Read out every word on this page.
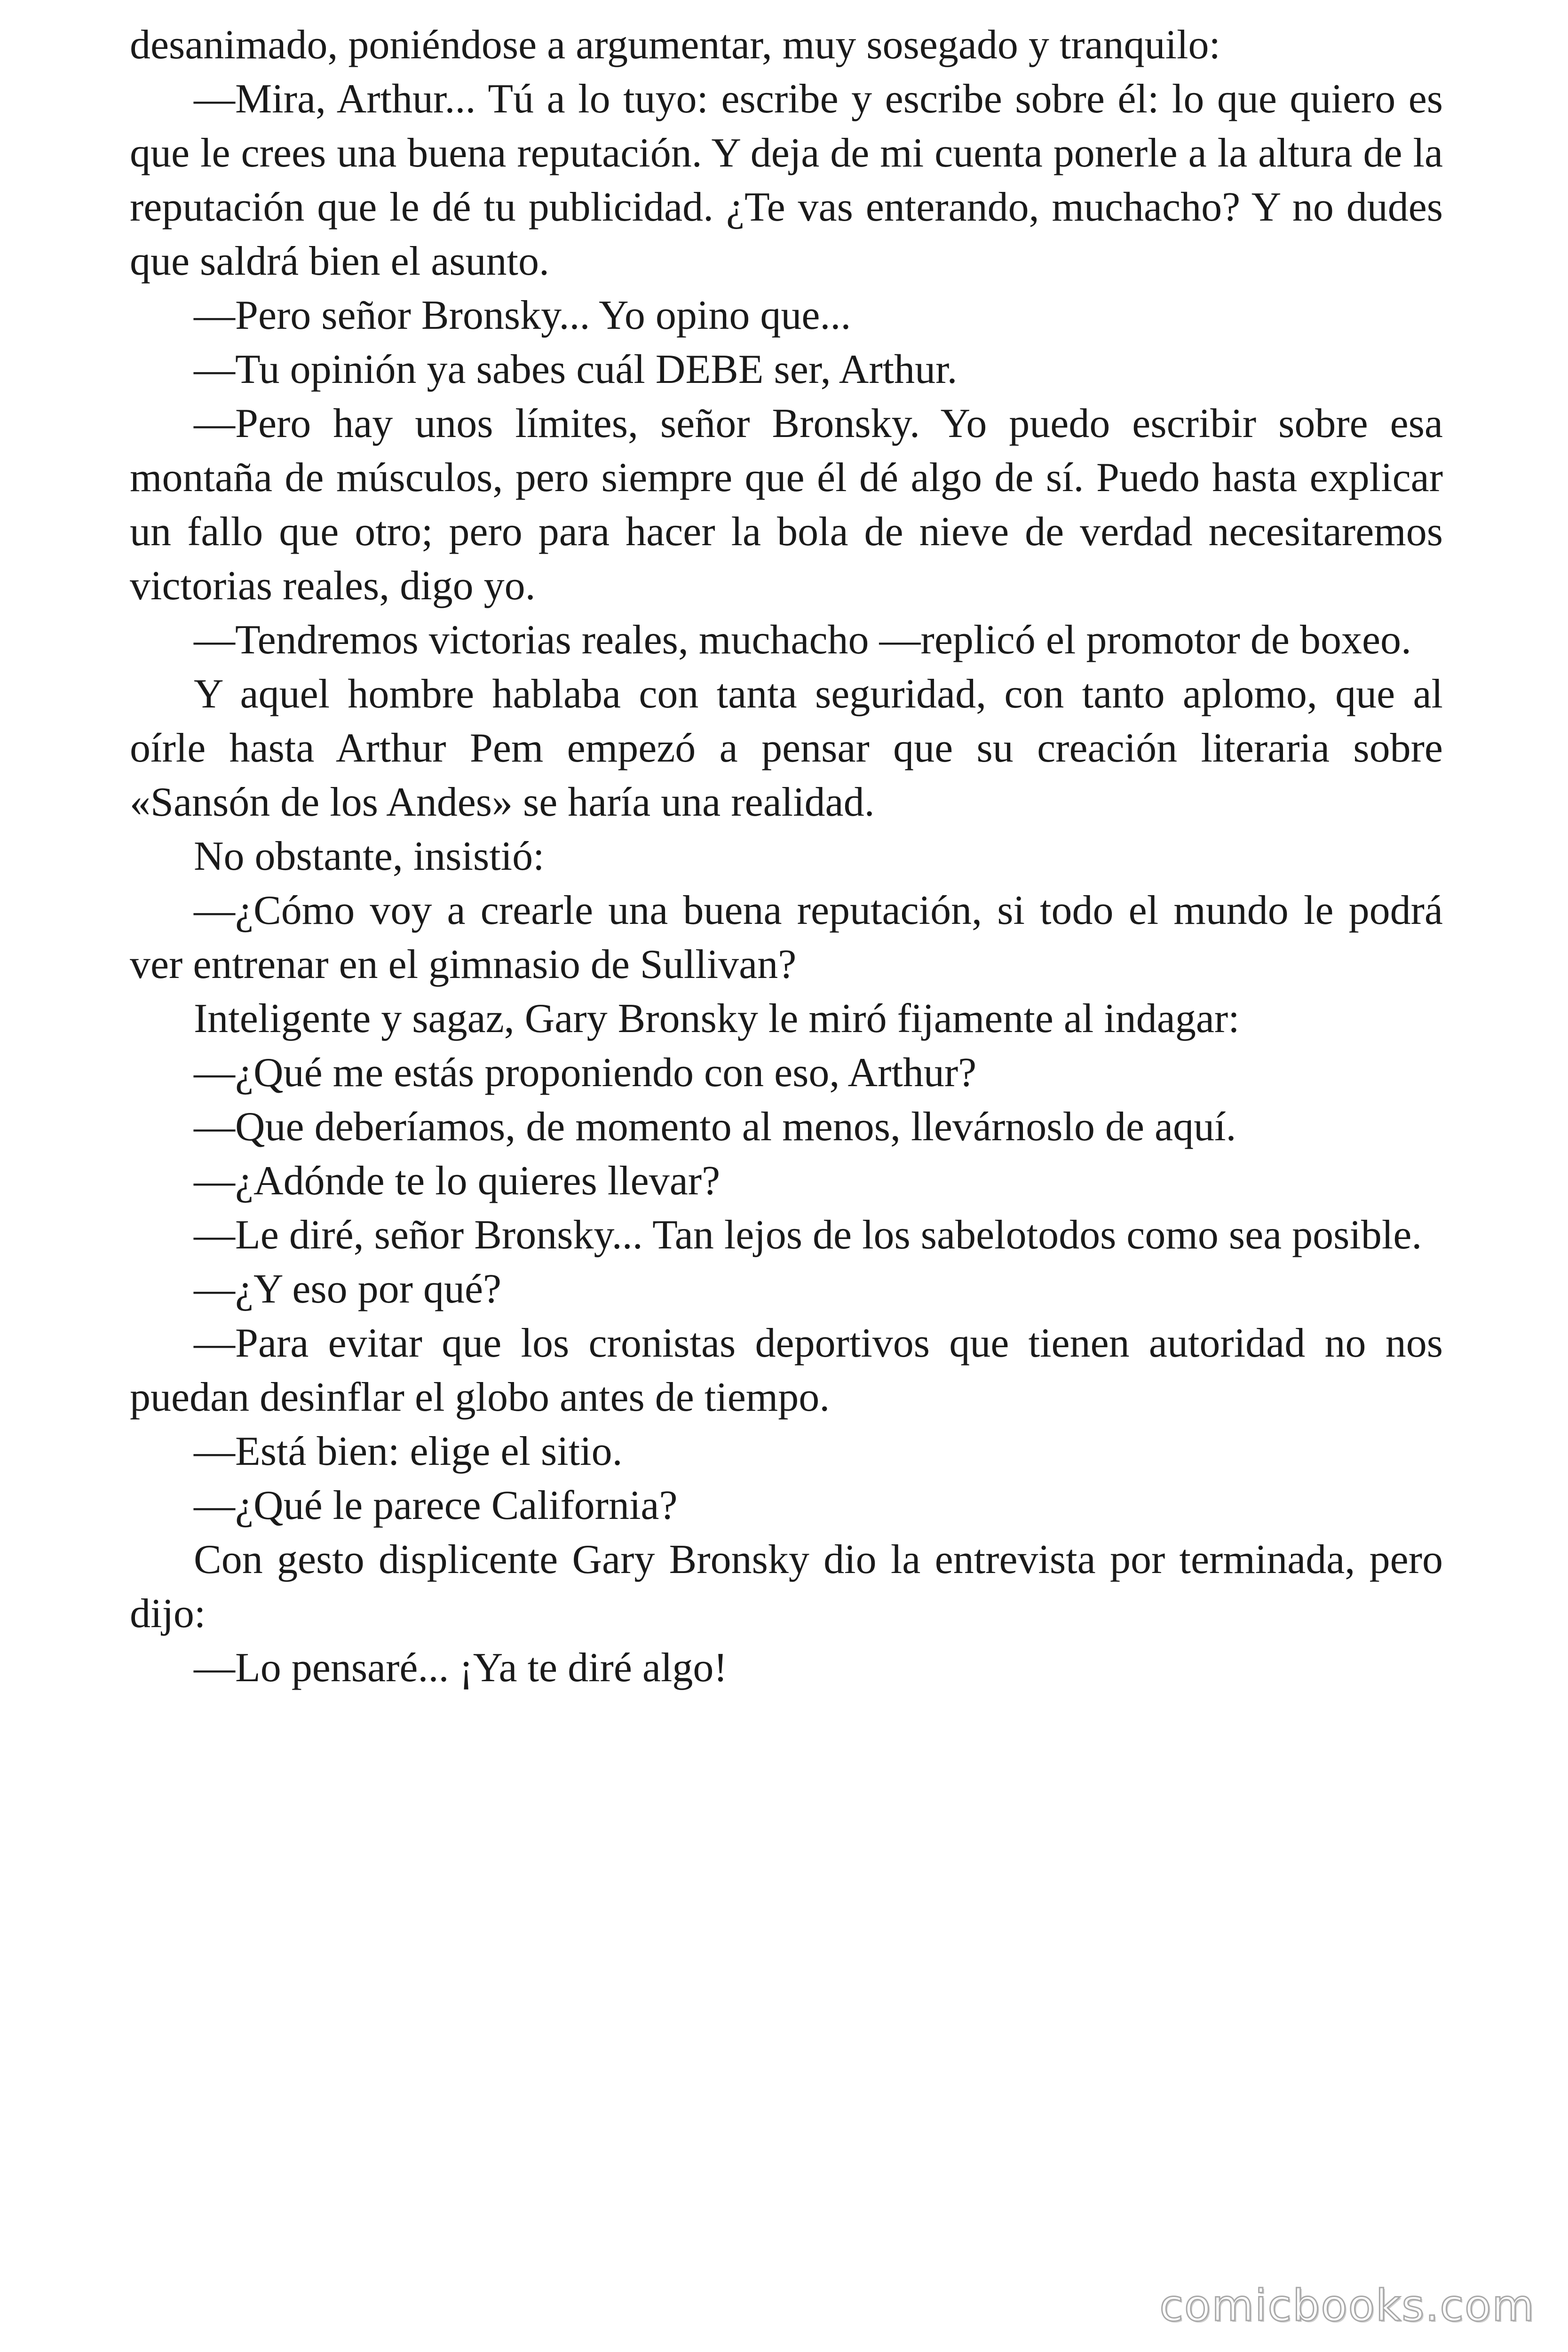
desanimado, poniéndose a argumentar, muy sosegado y tranquilo:

—Mira, Arthur... Tú a lo tuyo: escribe y escribe sobre él: lo que quiero es que le crees una buena reputación. Y deja de mi cuenta ponerle a la altura de la reputación que le dé tu publicidad. ¿Te vas enterando, muchacho? Y no dudes que saldrá bien el asunto.

—Pero señor Bronsky... Yo opino que...

—Tu opinión ya sabes cuál DEBE ser, Arthur.

—Pero hay unos límites, señor Bronsky. Yo puedo escribir sobre esa montaña de músculos, pero siempre que él dé algo de sí. Puedo hasta explicar un fallo que otro; pero para hacer la bola de nieve de verdad necesitaremos victorias reales, digo yo.

—Tendremos victorias reales, muchacho —replicó el promotor de boxeo.

Y aquel hombre hablaba con tanta seguridad, con tanto aplomo, que al oírle hasta Arthur Pem empezó a pensar que su creación literaria sobre «Sansón de los Andes» se haría una realidad.

No obstante, insistió:

—¿Cómo voy a crearle una buena reputación, si todo el mundo le podrá ver entrenar en el gimnasio de Sullivan?

Inteligente y sagaz, Gary Bronsky le miró fijamente al indagar:

—¿Qué me estás proponiendo con eso, Arthur?

—Que deberíamos, de momento al menos, llevárnoslo de aquí.

—¿Adónde te lo quieres llevar?

—Le diré, señor Bronsky... Tan lejos de los sabelotodos como sea posible.

—¿Y eso por qué?

—Para evitar que los cronistas deportivos que tienen autoridad no nos puedan desinflar el globo antes de tiempo.

—Está bien: elige el sitio.

—¿Qué le parece California?

Con gesto displicente Gary Bronsky dio la entrevista por terminada, pero dijo:

—Lo pensaré... ¡Ya te diré algo!

comicbooks.com
